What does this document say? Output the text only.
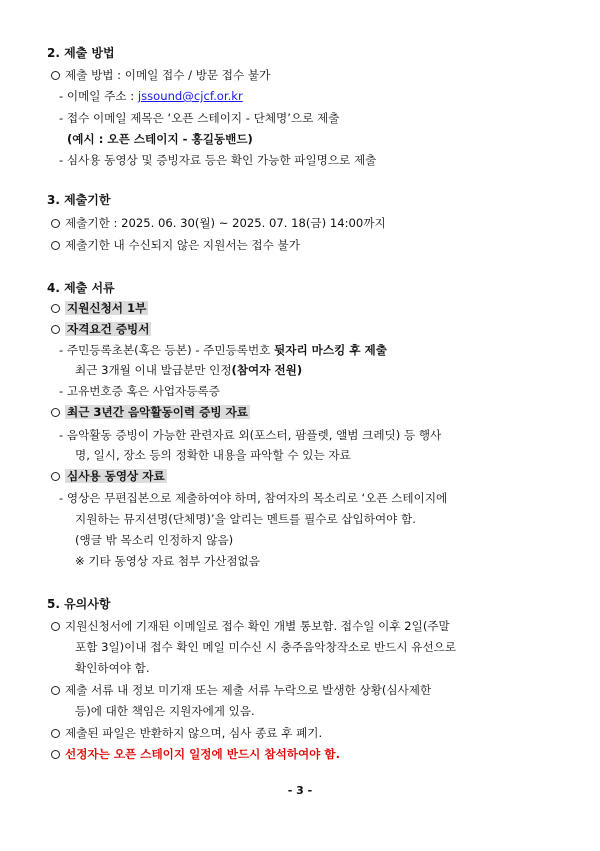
2. 제출 방법
제출 방법 : 이메일 접수 / 방문 접수 불가
- 이메일 주소 : jssound@cjcf.or.kr
- 접수 이메일 제목은 ‘오픈 스테이지 - 단체명’으로 제출
(예시 : 오픈 스테이지 - 홍길동밴드)
- 심사용 동영상 및 증빙자료 등은 확인 가능한 파일명으로 제출
3. 제출기한
제출기한 : 2025. 06. 30(월) ~ 2025. 07. 18(금) 14:00까지
제출기한 내 수신되지 않은 지원서는 접수 불가
4. 제출 서류
지원신청서 1부
자격요건 증빙서
- 주민등록초본(혹은 등본) - 주민등록번호 뒷자리 마스킹 후 제출
최근 3개월 이내 발급분만 인정(참여자 전원)
- 고유번호증 혹은 사업자등록증
최근 3년간 음악활동이력 증빙 자료
- 음악활동 증빙이 가능한 관련자료 외(포스터, 팜플렛, 앨범 크레딧) 등 행사
명, 일시, 장소 등의 정확한 내용을 파악할 수 있는 자료
심사용 동영상 자료
- 영상은 무편집본으로 제출하여야 하며, 참여자의 목소리로 ‘오픈 스테이지에
지원하는 뮤지션명(단체명)’을 알리는 멘트를 필수로 삽입하여야 함.
(앵글 밖 목소리 인정하지 않음)
※ 기타 동영상 자료 첨부 가산점없음
5. 유의사항
지원신청서에 기재된 이메일로 접수 확인 개별 통보함. 접수일 이후 2일(주말
포함 3일)이내 접수 확인 메일 미수신 시 충주음악창작소로 반드시 유선으로
확인하여야 함.
제출 서류 내 정보 미기재 또는 제출 서류 누락으로 발생한 상황(심사제한
등)에 대한 책임은 지원자에게 있음.
제출된 파일은 반환하지 않으며, 심사 종료 후 폐기.
선정자는 오픈 스테이지 일정에 반드시 참석하여야 함.
- 3 -
